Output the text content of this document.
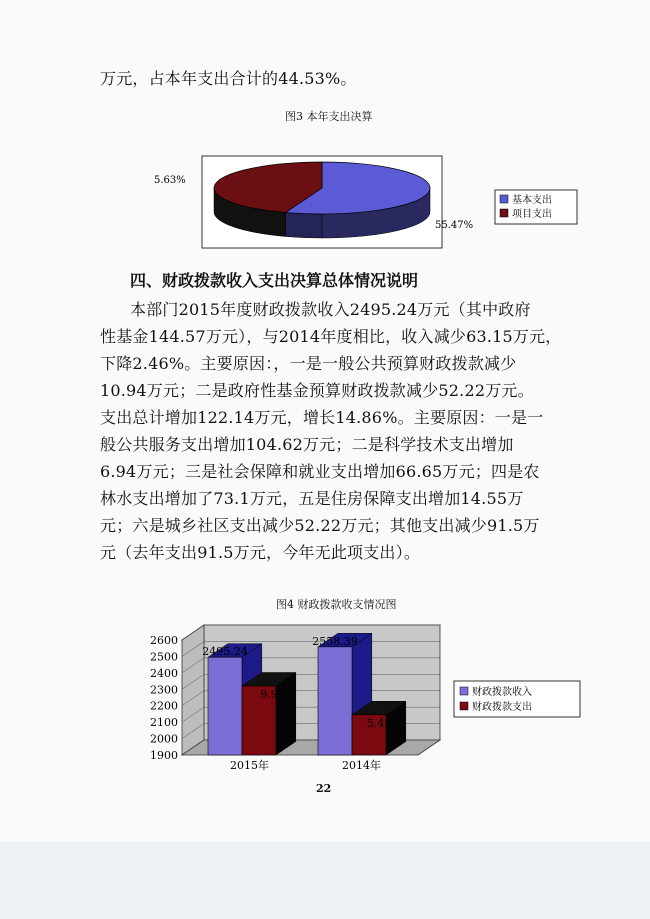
万元，占本年支出合计的44.53%。
图3 本年支出决算
55.47%
5.63%
基本支出
项目支出
四、财政拨款收入支出决算总体情况说明
本部门2015年度财政拨款收入2495.24万元（其中政府
性基金144.57万元），与2014年度相比，收入减少63.15万元，
下降2.46%。主要原因：，一是一般公共预算财政拨款减少
10.94万元；二是政府性基金预算财政拨款减少52.22万元。
支出总计增加122.14万元，增长14.86%。主要原因：一是一
般公共服务支出增加104.62万元；二是科学技术支出增加
6.94万元；三是社会保障和就业支出增加66.65万元；四是农
林水支出增加了73.1万元，五是住房保障支出增加14.55万
元；六是城乡社区支出减少52.22万元；其他支出减少91.5万
元（去年支出91.5万元，今年无此项支出）。
图4 财政拨款收支情况图
1900
2000
2100
2200
2300
2400
2500
2600
2495.24
9.9
2558.39
5.45
2015年	2014年
财政拨款收入
财政拨款支出
22
